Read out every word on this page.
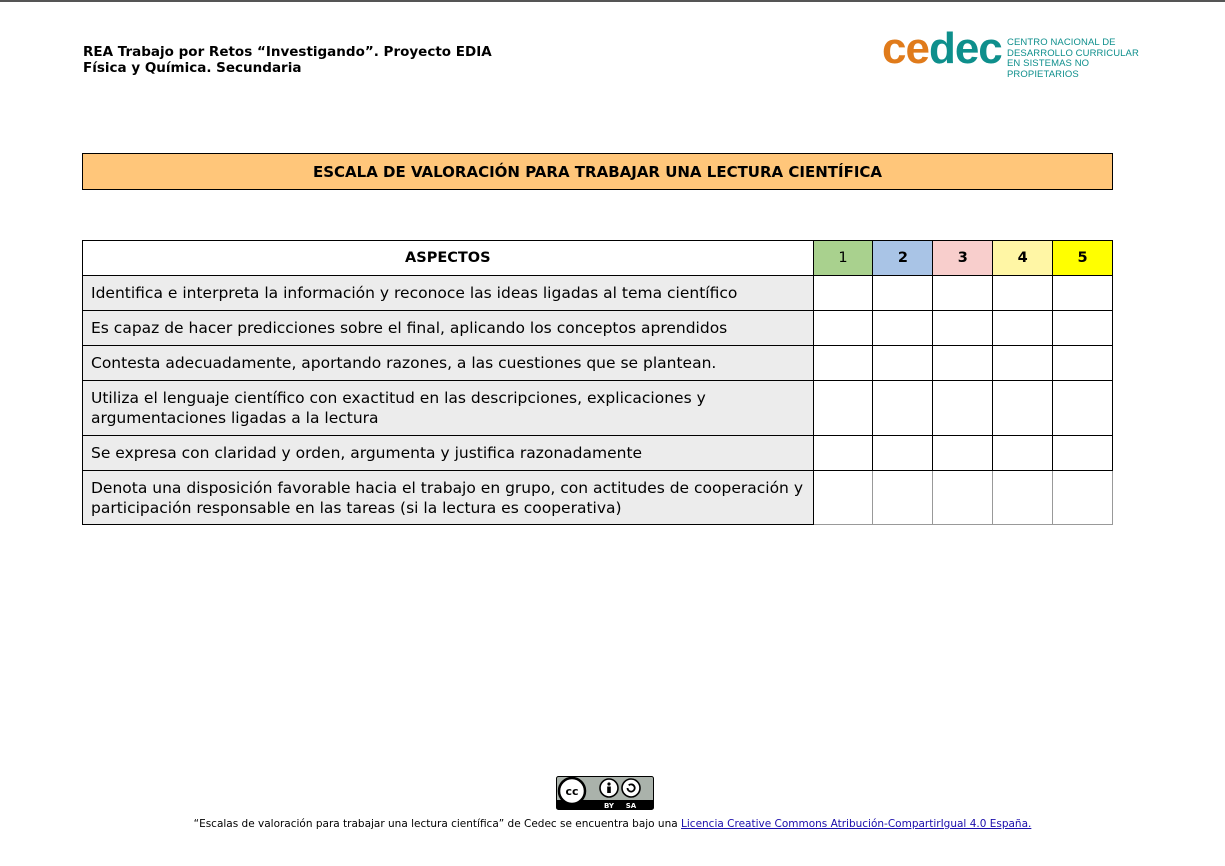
REA Trabajo por Retos “Investigando”. Proyecto EDIA
Física y Química. Secundaria	cedec CENTRO NACIONAL DE
DESARROLLO CURRICULAR
EN SISTEMAS NO PROPIETARIOS
ESCALA DE VALORACIÓN PARA TRABAJAR UNA LECTURA CIENTÍFICA
ASPECTOS	1	2	3	4	5
Identifica e interpreta la información y reconoce las ideas ligadas al tema científico					
Es capaz de hacer predicciones sobre el final, aplicando los conceptos aprendidos					
Contesta adecuadamente, aportando razones, a las cuestiones que se plantean.					

Utiliza el lenguaje científico con exactitud en las descripciones, explicaciones y
argumentaciones ligadas a la lectura					

Se expresa con claridad y orden, argumenta y justifica razonadamente					

Denota una disposición favorable hacia el trabajo en grupo, con actitudes de cooperación y
participación responsable en las tareas (si la lectura es cooperativa)					

cc
BY SA
“Escalas de valoración para trabajar una lectura científica” de Cedec se encuentra bajo una Licencia Creative Commons Atribución-CompartirIgual 4.0 España.
